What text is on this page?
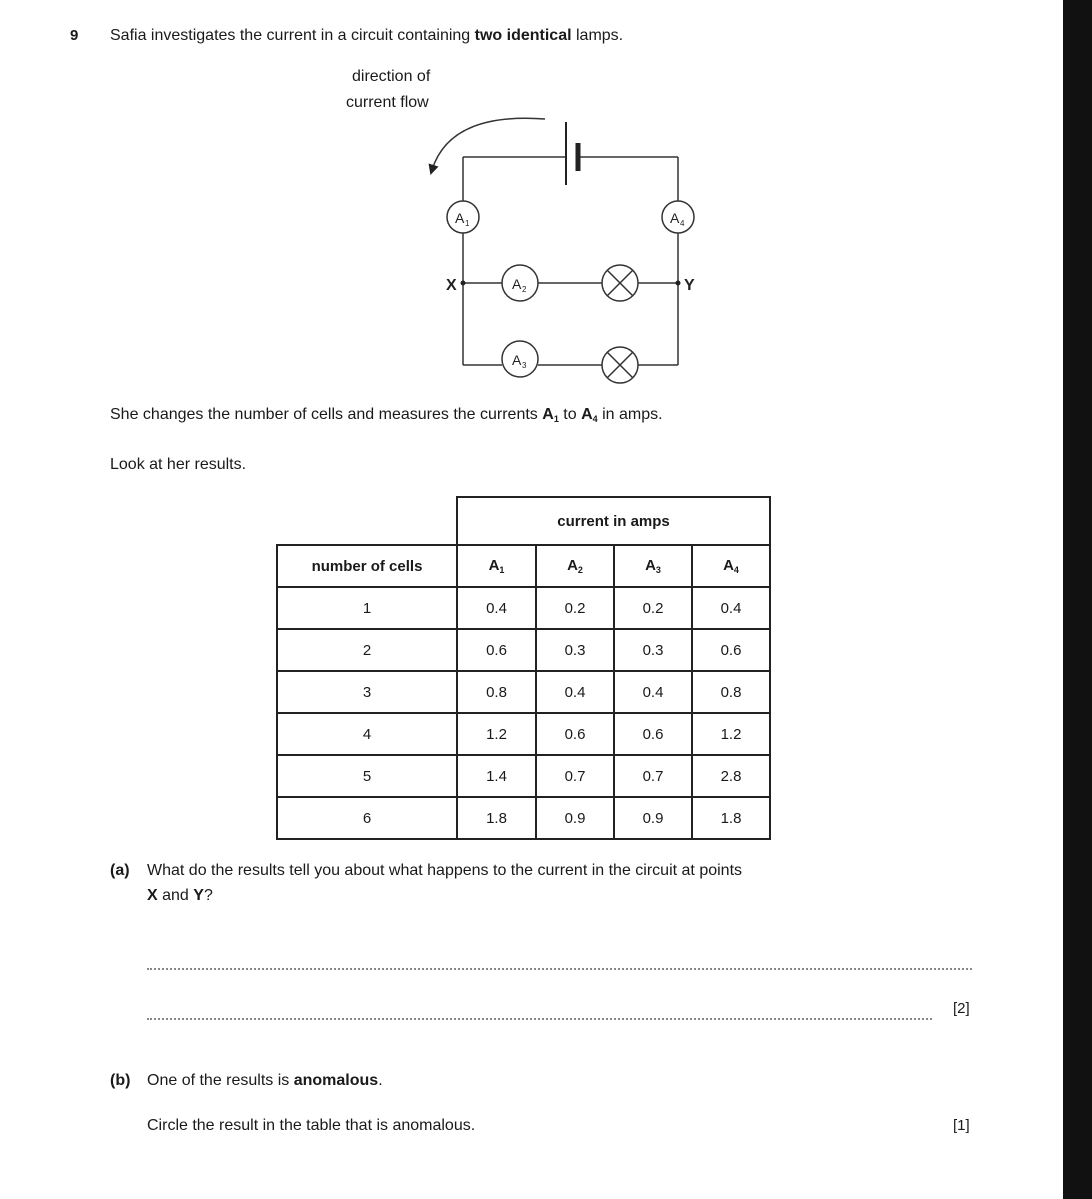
9 Safia investigates the current in a circuit containing two identical lamps.
direction of
current flow
A 1	A 4
A 2
A 3
X	Y
She changes the number of cells and measures the currents $A_1$ to $A_4$ in amps.
Look at her results.
	current in amps			
number of cells	$A_1$	$A_2$	$A_3$	$A_4$
1	0.4	0.2	0.2	0.4
2	0.6	0.3	0.3	0.6
3	0.8	0.4	0.4	0.8
4	1.2	0.6	0.6	1.2
5	1.4	0.7	0.7	2.8
6	1.8	0.9	0.9	1.8
(a) What do the results tell you about what happens to the current in the circuit at points
X and Y?
[2]
(b) One of the results is anomalous.
Circle the result in the table that is anomalous.	[1]
